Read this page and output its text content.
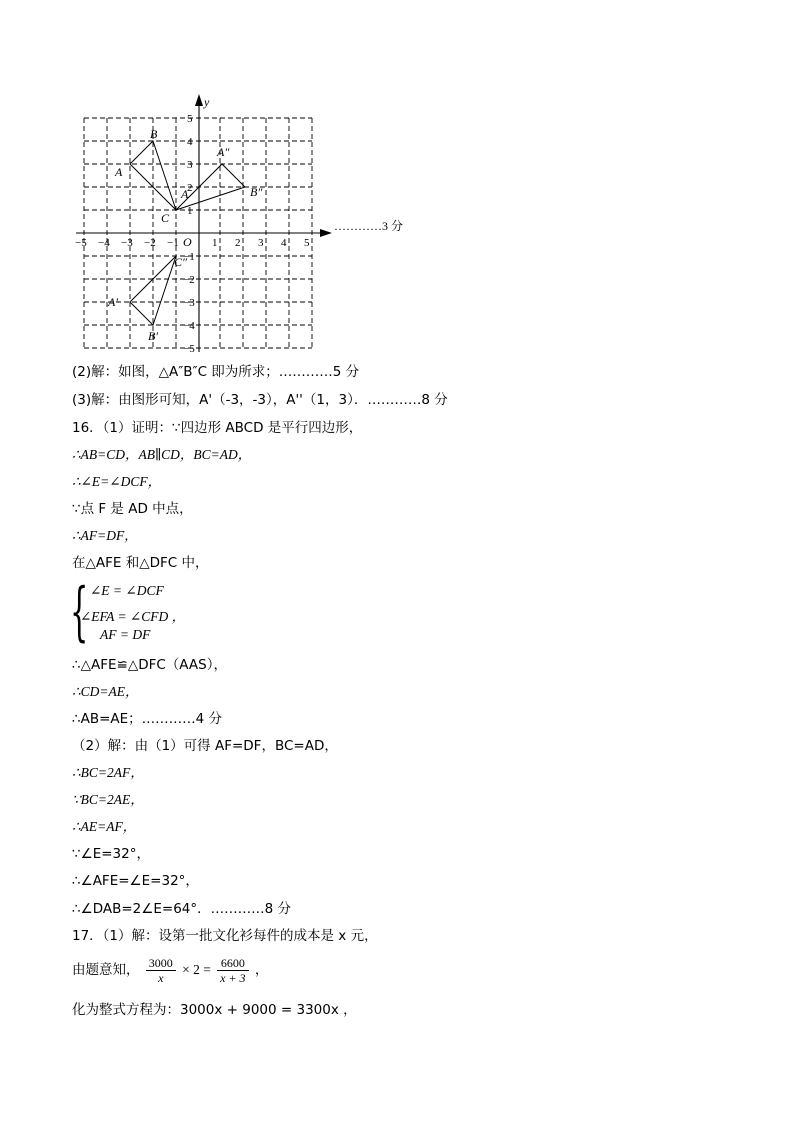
y
O
−5 −4 −3 −2 −1	1 2 3 4 5
5
4
3
2
1
−1
−2
−3
−4
−5
A
B
C
A
A″
B″
C″
A′
B′
…………3 分
(2)解：如图，△A″B″C 即为所求；…………5 分
(3)解：由图形可知，A'（-3，-3），A''（1，3）．…………8 分
16．（1）证明：∵四边形 ABCD 是平行四边形，
∴AB=CD，AB∥CD，BC=AD，
∴∠E=∠DCF，
∵点 F 是 AD 中点，
∴AF=DF，
在△AFE 和△DFC 中，
{ ∠E = ∠DCF
∠EFA = ∠CFD ，
AF = DF
∴△AFE≌△DFC（AAS），
∴CD=AE，
∴AB=AE；…………4 分
（2）解：由（1）可得 AF=DF，BC=AD，
∴BC=2AF，
∵BC=2AE，
∴AE=AF，
∵∠E=32°，
∴∠AFE=∠E=32°，
∴∠DAB=2∠E=64°．…………8 分
17．（1）解：设第一批文化衫每件的成本是 x 元，
由题意知， $\frac{3000}{x} \times 2 = \frac{6600}{x + 3}$ ，
化为整式方程为：3000x + 9000 = 3300x ，
